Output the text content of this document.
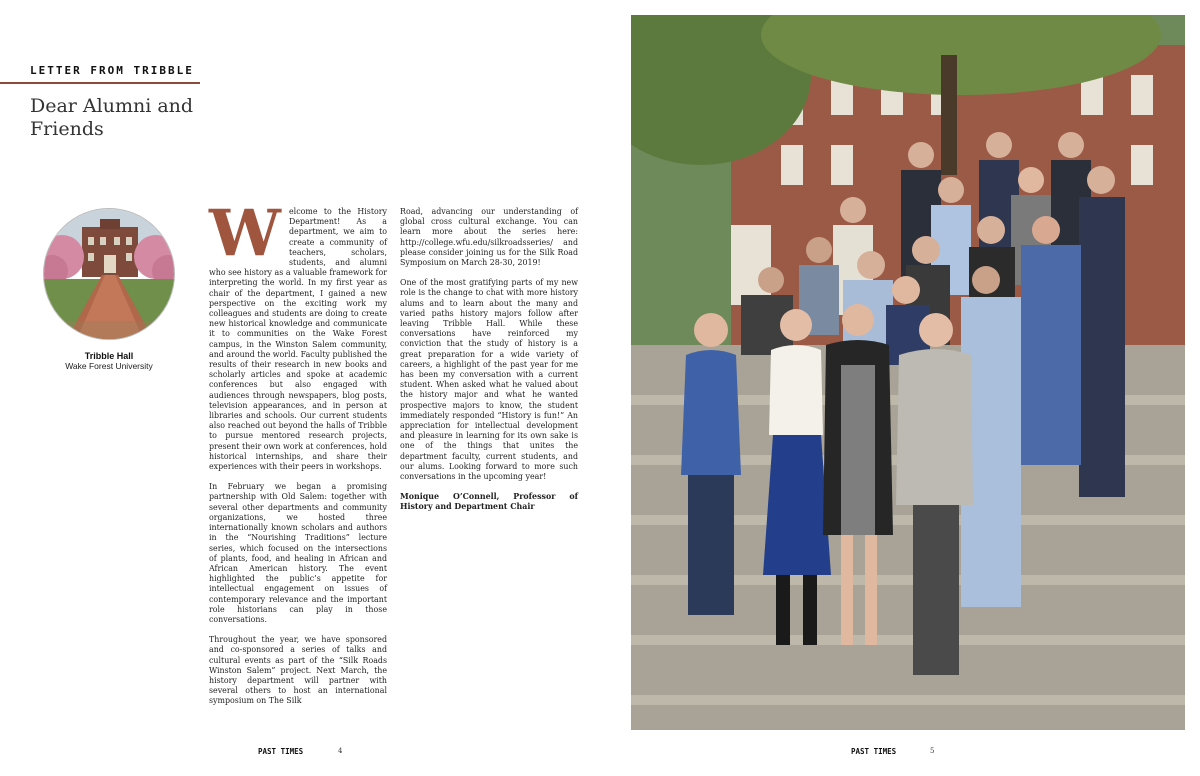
LETTER FROM TRIBBLE
Dear Alumni and Friends
Tribble Hall
Wake Forest University

W	elcome to the History Department! As a department, we aim to create a community of teachers, scholars, students, and alumni who see history as a valuable framework for interpreting the world. In my first year as chair of the department, I gained a new perspective on the exciting work my colleagues and students are doing to create new historical knowledge and communicate it to communities on the Wake Forest campus, in the Winston Salem community, and around the world. Faculty published the results of their research in new books and scholarly articles and spoke at academic conferences but also engaged with audiences through newspapers, blog posts, television appearances, and in person at libraries and schools. Our current students also reached out beyond the halls of Tribble to pursue mentored research projects, present their own work at conferences, hold historical internships, and share their experiences with their peers in workshops.

In February we began a promising partnership with Old Salem: together with several other departments and community organizations, we hosted three internationally known scholars and authors in the “Nourishing Traditions” lecture series, which focused on the intersections of plants, food, and healing in African and African American history. The event highlighted the public’s appetite for intellectual engagement on issues of contemporary relevance and the important role historians can play in those conversations.

Throughout the year, we have sponsored and co-sponsored a series of talks and cultural events as part of the “Silk Roads Winston Salem” project. Next March, the history department will partner with several others to host an international symposium on The Silk

Road, advancing our understanding of global cross cultural exchange. You can learn more about the series here: http://college.wfu.edu/silkroadsseries/ and please consider joining us for the Silk Road Symposium on March 28-30, 2019!

One of the most gratifying parts of my new role is the change to chat with more history alums and to learn about the many and varied paths history majors follow after leaving Tribble Hall. While these conversations have reinforced my conviction that the study of history is a great preparation for a wide variety of careers, a highlight of the past year for me has been my conversation with a current student. When asked what he valued about the history major and what he wanted prospective majors to know, the student immediately responded “History is fun!” An appreciation for intellectual development and pleasure in learning for its own sake is one of the things that unites the department faculty, current students, and our alums. Looking forward to more such conversations in the upcoming year!

Monique O’Connell, Professor of History and Department Chair

PAST TIMES	4	PAST TIMES	5
